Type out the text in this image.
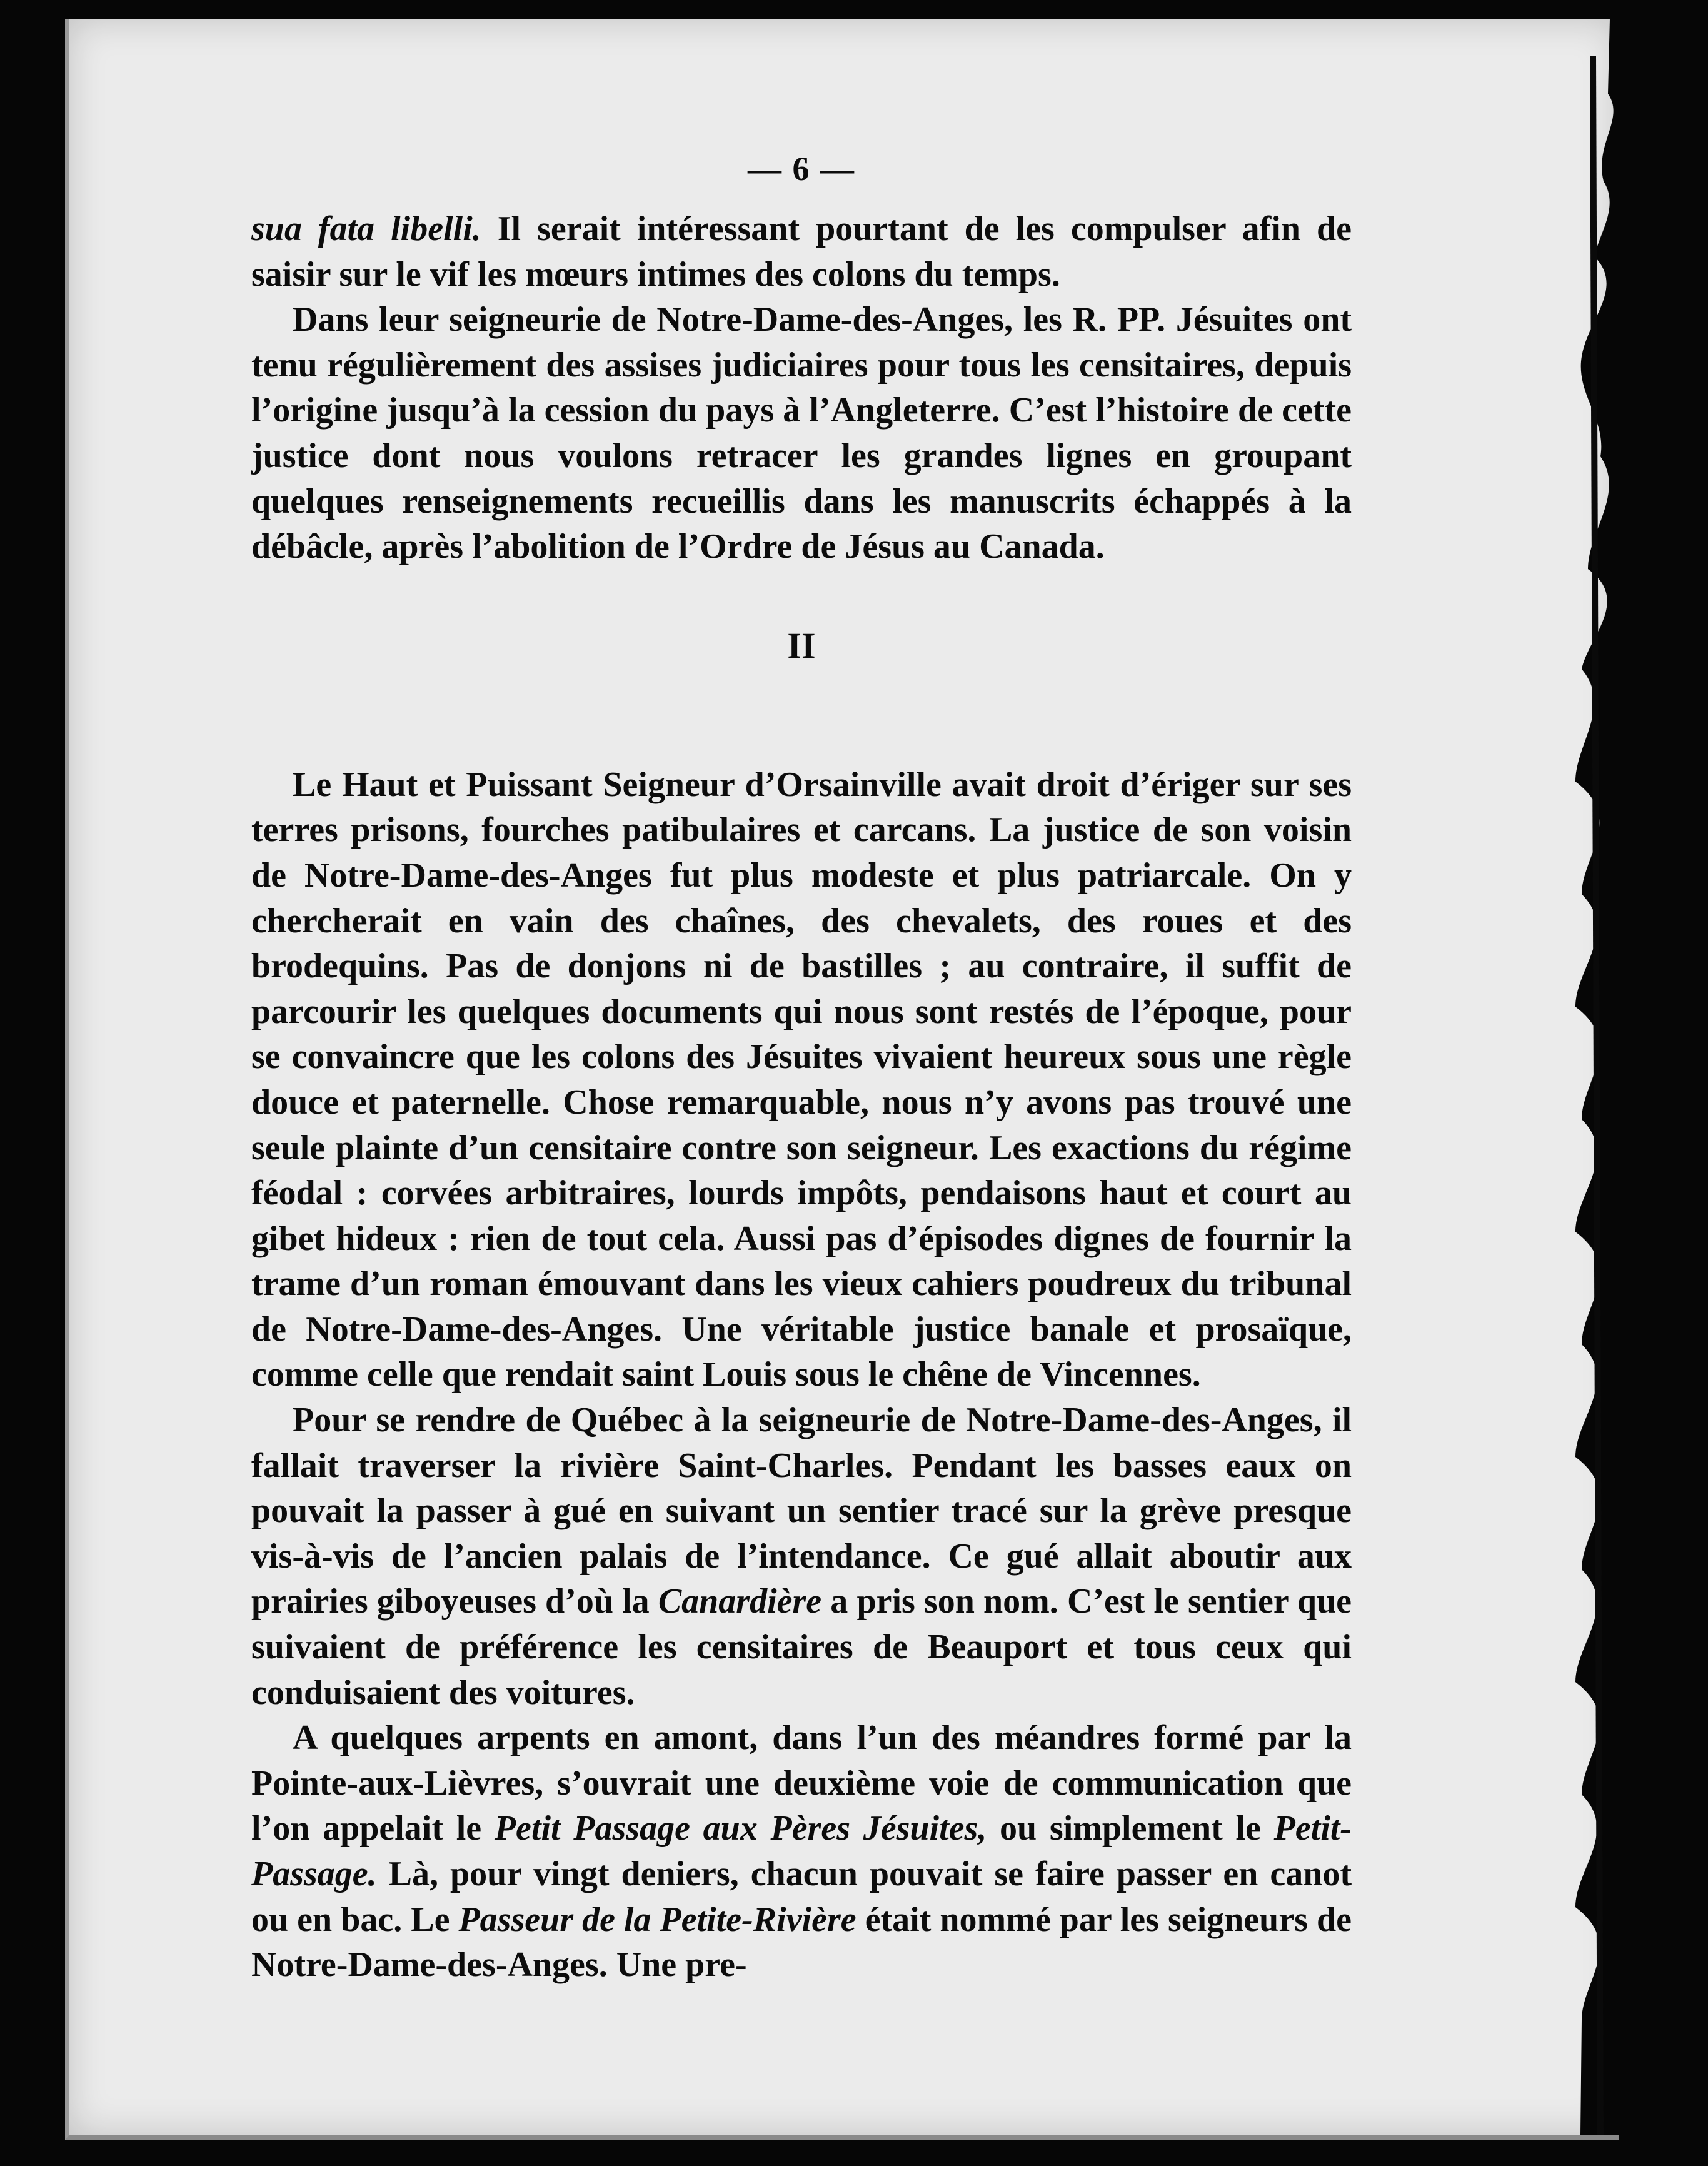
— 6 —

sua fata libelli. Il serait intéressant pourtant de les compulser afin de saisir sur le vif les mœurs intimes des colons du temps.

Dans leur seigneurie de Notre-Dame-des-Anges, les R. PP. Jésuites ont tenu régulièrement des assises judiciaires pour tous les censitaires, depuis l’origine jusqu’à la cession du pays à l’Angleterre. C’est l’histoire de cette justice dont nous voulons retracer les grandes lignes en groupant quelques renseignements recueillis dans les manuscrits échappés à la débâcle, après l’abolition de l’Ordre de Jésus au Canada.

II

Le Haut et Puissant Seigneur d’Orsainville avait droit d’ériger sur ses terres prisons, fourches patibulaires et carcans. La justice de son voisin de Notre-Dame-des-Anges fut plus modeste et plus patriarcale. On y chercherait en vain des chaînes, des chevalets, des roues et des brodequins. Pas de donjons ni de bastilles ; au contraire, il suffit de parcourir les quelques documents qui nous sont restés de l’époque, pour se convaincre que les colons des Jésuites vivaient heureux sous une règle douce et paternelle. Chose remarquable, nous n’y avons pas trouvé une seule plainte d’un censitaire contre son seigneur. Les exactions du régime féodal : corvées arbitraires, lourds impôts, pendaisons haut et court au gibet hideux : rien de tout cela. Aussi pas d’épisodes dignes de fournir la trame d’un roman émouvant dans les vieux cahiers poudreux du tribunal de Notre-Dame-des-Anges. Une véritable justice banale et prosaïque, comme celle que rendait saint Louis sous le chêne de Vincennes.

Pour se rendre de Québec à la seigneurie de Notre-Dame-des-Anges, il fallait traverser la rivière Saint-Charles. Pendant les basses eaux on pouvait la passer à gué en suivant un sentier tracé sur la grève presque vis-à-vis de l’ancien palais de l’intendance. Ce gué allait aboutir aux prairies giboyeuses d’où la Canardière a pris son nom. C’est le sentier que suivaient de préférence les censitaires de Beauport et tous ceux qui conduisaient des voitures.

A quelques arpents en amont, dans l’un des méandres formé par la Pointe-aux-Lièvres, s’ouvrait une deuxième voie de communication que l’on appelait le Petit Passage aux Pères Jésuites, ou simplement le Petit-Passage. Là, pour vingt deniers, chacun pouvait se faire passer en canot ou en bac. Le Passeur de la Petite-Rivière était nommé par les seigneurs de Notre-Dame-des-Anges. Une pre-
